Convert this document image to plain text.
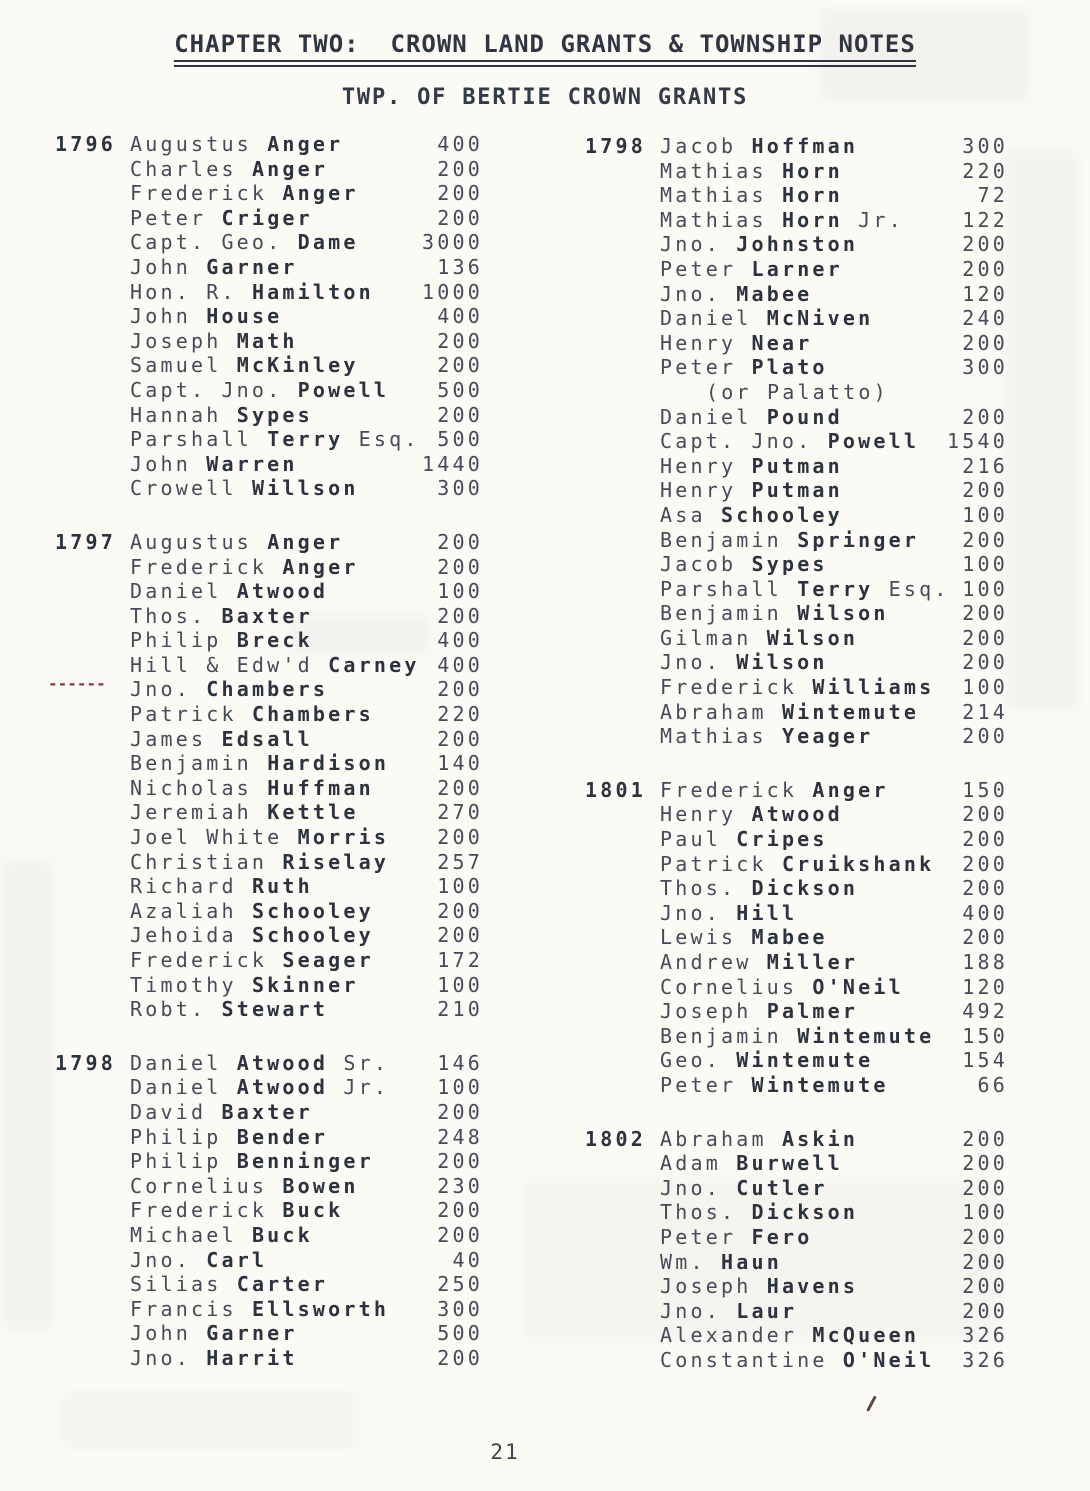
CHAPTER TWO:  CROWN LAND GRANTS & TOWNSHIP NOTES
TWP. OF BERTIE CROWN GRANTS
1796 Augustus Anger	400
Charles Anger	200
Frederick Anger	200
Peter Criger	200
Capt. Geo. Dame	3000
John Garner	136
Hon. R. Hamilton 1000
John House	400
Joseph Math	200
Samuel McKinley	200
Capt. Jno. Powell 500
Hannah Sypes	200
Parshall Terry Esq. 500
John Warren	1440
Crowell Willson	300
1797 Augustus Anger	200
Frederick Anger	200
Daniel Atwood	100
Thos. Baxter	200
Philip Breck	400
------
Hill & Edw'd Carney 400
Jno. Chambers	200
Patrick Chambers	220
James Edsall	200
Benjamin Hardison 140
Nicholas Huffman	200
Jeremiah Kettle	270
Joel White Morris 200
Christian Riselay 257
Richard Ruth	100
Azaliah Schooley	200
Jehoida Schooley	200
Frederick Seager	172
Timothy Skinner	100
Robt. Stewart	210
1798 Daniel Atwood Sr. 146
Daniel Atwood Jr. 100
David Baxter	200
Philip Bender	248
Philip Benninger	200
Cornelius Bowen	230
Frederick Buck	200
Michael Buck	200
Jno. Carl	40
Silias Carter	250
Francis Ellsworth 300
John Garner	500
Jno. Harrit	200
1798 Jacob Hoffman	300
Mathias Horn	220
Mathias Horn	72
Mathias Horn Jr.	122
Jno. Johnston	200
Peter Larner	200
Jno. Mabee	120
Daniel McNiven	240
Henry Near	200
Peter Plato	300
(or Palatto)
Daniel Pound	200
Capt. Jno. Powell 1540
Henry Putman	216
Henry Putman	200
Asa Schooley	100
Benjamin Springer 200
Jacob Sypes	100
Parshall Terry Esq. 100
Benjamin Wilson	200
Gilman Wilson	200
Jno. Wilson	200
Frederick Williams 100
Abraham Wintemute 214
Mathias Yeager	200
1801 Frederick Anger	150
Henry Atwood	200
Paul Cripes	200
Patrick Cruikshank 200
Thos. Dickson	200
Jno. Hill	400
Lewis Mabee	200
Andrew Miller	188
Cornelius O'Neil	120
Joseph Palmer	492
Benjamin Wintemute 150
Geo. Wintemute	154
Peter Wintemute	66
1802 Abraham Askin	200
Adam Burwell	200
Jno. Cutler	200
Thos. Dickson	100
Peter Fero	200
Wm. Haun	200
Joseph Havens	200
Jno. Laur	200
Alexander McQueen 326
Constantine O'Neil 326
21
